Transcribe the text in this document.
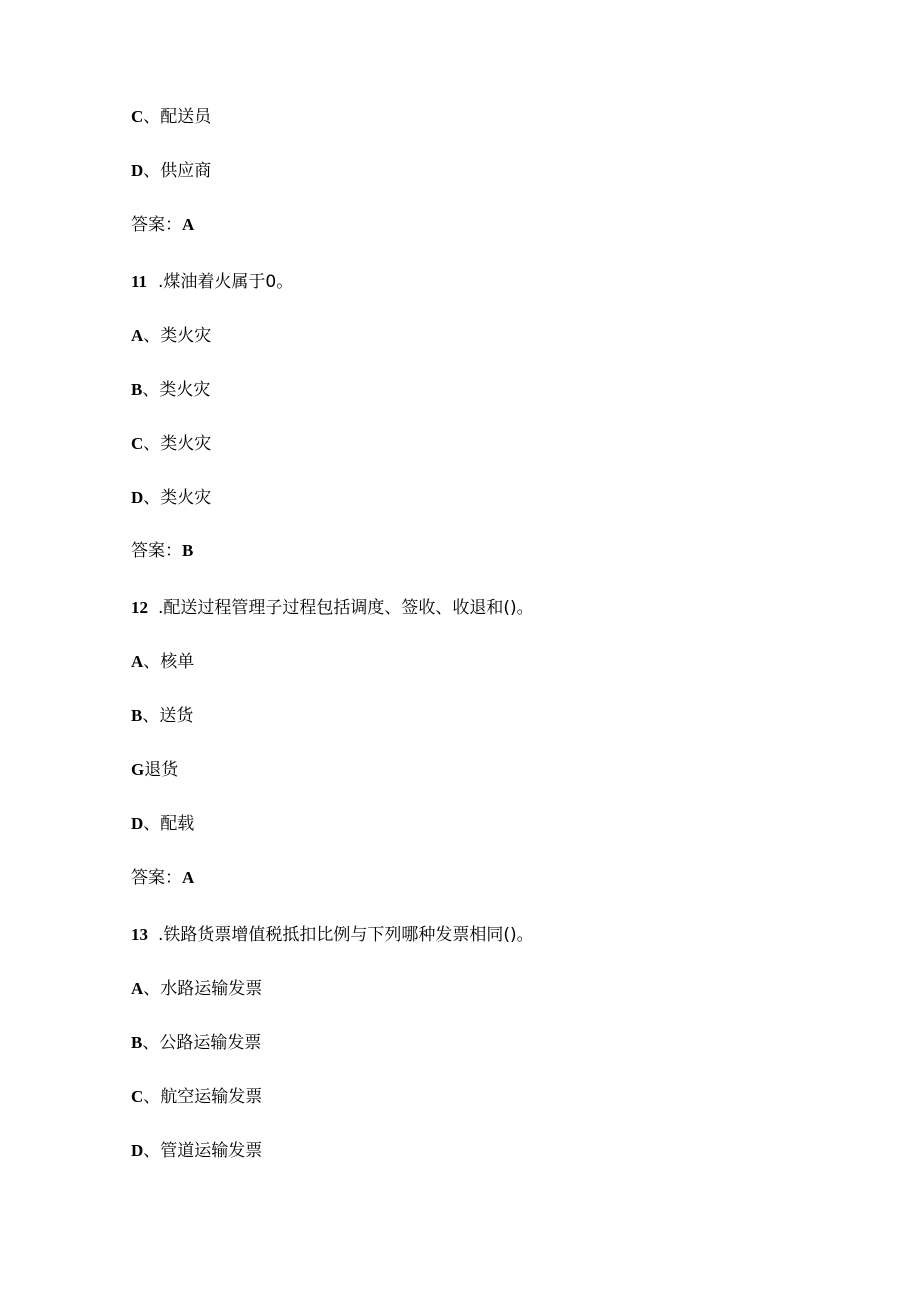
C、配送员
D、供应商
答案：A
11 .煤油着火属于0。
A、类火灾
B、类火灾
C、类火灾
D、类火灾
答案：B
12 .配送过程管理子过程包括调度、签收、收退和()。
A、核单
B、送货
G退货
D、配载
答案：A
13 .铁路货票增值税抵扣比例与下列哪种发票相同()。
A、水路运输发票
B、公路运输发票
C、航空运输发票
D、管道运输发票
